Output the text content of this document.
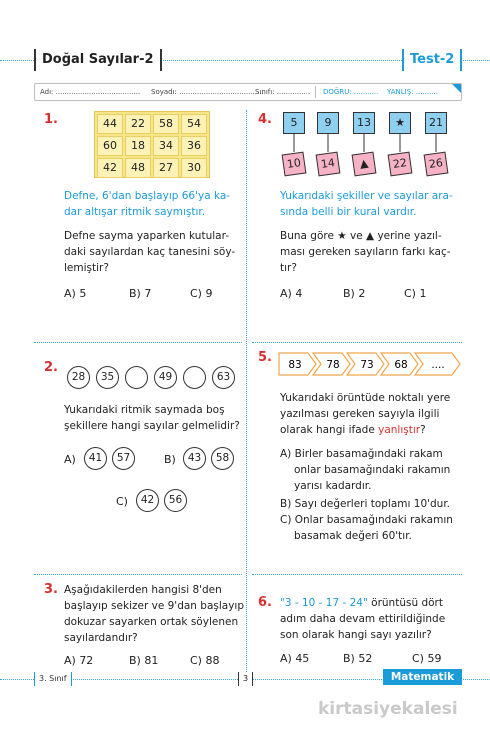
Doğal Sayılar-2	Test-2
Adı: ...................................... Soyadı: ......................................
Sınıfı: ............... DOĞRU: ........... YANLIŞ: ..........
1.	44	22	58	54
60	18	34	36
42	48	27	30
Defne, 6'dan başlayıp 66'ya ka-
dar altışar ritmik saymıştır.
Defne sayma yaparken kutular-
daki sayılardan kaç tanesini söy-
lemiştir?
A) 5	B) 7	C) 9
2.
28	35	49	63
Yukarıdaki ritmik saymada boş
şekillere hangi sayılar gelmelidir?
A)	41	57	B)	43	58
C)	42	56
3. Aşağıdakilerden hangisi 8'den
başlayıp sekizer ve 9'dan başlayıp
dokuzar sayarken ortak söylenen
sayılardandır?
A) 72	B) 81	C) 88
4.	5	9	13	★	21
10	14	▲	22	26
Yukarıdaki şekiller ve sayılar ara-
sında belli bir kural vardır.
Buna göre ★ ve ▲ yerine yazıl-
ması gereken sayıların farkı kaç-
tır?
A) 4	B) 2	C) 1
5. 83 78 73 68 ....
Yukarıdaki örüntüde noktalı yere
yazılması gereken sayıyla ilgili
olarak hangi ifade yanlıştır?
A) Birler basamağındaki rakam
onlar basamağındaki rakamın
yarısı kadardır.
B) Sayı değerleri toplamı 10'dur.
C) Onlar basamağındaki rakamın
basamak değeri 60'tır.
6. "3 - 10 - 17 - 24" örüntüsü dört
adım daha devam ettirildiğinde
son olarak hangi sayı yazılır?
A) 45	B) 52	C) 59
3. Sınıf	3	Matematik
kirtasiyekalesi
